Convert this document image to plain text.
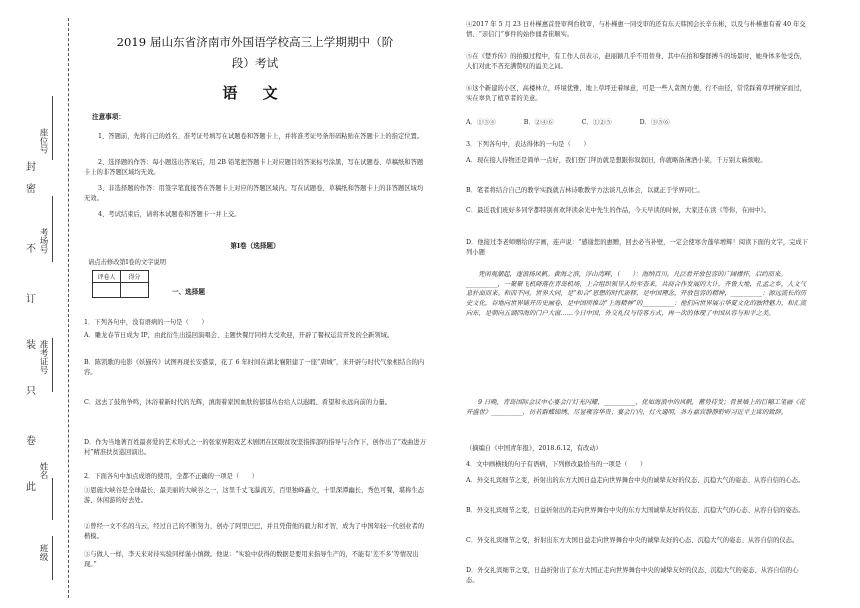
座位号
封
密
不 考场号
订
装 准考证号
只
卷
此
姓名
班级
2019 届山东省济南市外国语学校高三上学期期中（阶
段）考试
语 文
注意事项：

1、答题前，先将自己的姓名、准考证号填写在试题卷和答题卡上，并将准考证号条形码粘贴在答题卡上的指定位置。

2、选择题的作答：每小题选出答案后，用 2B 铅笔把答题卡上对应题目的答案标号涂黑，写在试题卷、草稿纸和答题卡上的非答题区域均无效。

3、非选择题的作答：用签字笔直接答在答题卡上对应的答题区域内。写在试题卷、草稿纸和答题卡上的非答题区域均无效。

4、考试结束后，请将本试题卷和答题卡一并上交。

第Ⅰ卷（选择题）

请点击修改第I卷的文字说明

评卷人	得分

一、选择题

1．下列各句中，没有语病的一句是（　　）

A．雕龙春节日成为 IP，由此衍生出巡回演唱会、主题快餐厅同样大受欢迎，开辟了餐权运营开发的全新领域。

B．陈凯歌的电影《妖猫传》试图再现长安盛景，花了 6 年时间在湖北襄阳建了一座“唐城”，来开辟与时代气象相结合的内容。

C．远去了鼓角争鸣，沐浴着新时代的光辉，滇南着家国血肤的郁郁丛台给人以遐暇、肴望和永远向前的力量。

D．作为当地著百姓最喜爱的艺术形式之一的张家界阳戏艺术剧团在区眼贫攻坚指挥部的指导与合作下，创作出了“戏曲进万村”精准扶贫巡回演出。

2．下面各句中加点成语的使用，全都不正确的一项是（　　）

①恩施大峡谷是全球最长、最美丽的大峡谷之一，这里千丈飞瀑流芳，百里独峰矗立，十里深潭幽长，秀色可餐，堪称生态游、休闲游的好去处。

②曾经一文不名的马云，经过自己的不断努力，创办了阿里巴巴，并且凭借他的毅力和才智，成为了中国年轻一代创业者的楷模。

③与做人一样，李天来对待实验同样谨小慎微。他说：“实验中获得的数据是要用来指导生产的，不能有‘差不多’等情况出现。”

④2017 年 5 月 23 日朴槿惠首登审判台收审，与朴槿惠一同受审的还有东天韩国会长辛东彬，以及与朴槿惠有着 40 年交情、“亲信门”事件的始作俑者崔顺实。

⑤在《楚乔传》的拍摄过程中，有工作人员表示，赵丽颖几乎不用替身，其中在拍和黎群搏斗的场景时，她身体多处受伤，人们对此不吝充满赞叹的溢美之词。

⑥这个新建的小区，高楼林立，环境优雅，地上草坪迁着绿意，可是一些人贪图方便，行不由径，常常踩着草坪横穿而过，实在辜负了植草者的美意。

A．①③④	B．②④⑥	C．①②⑤	D．③⑤⑥

3．下列各句中，表达得体的一句是（　　）

A．现在接人待物还是简单一点好，我们登门拜访就是想跟你叙叙旧，你就略备薄酒小菜，千万别太麻烦啦。

B．笔者将结合自己的教学实践就吉林诗歌教学方法谈几点体会，以就正于学界同仁。

C．最近我们班好多同学都特别喜欢拜读余光中先生的作品，今天早读的时候，大家还在读《等你，在雨中》。

D．他接过李老师赠给的字画，连声说：“感谢您的惠赠，回去必当补壁，一定会使寒舍蓬荜增辉！阅读下面的文字，完成下列小题

凭闲观潮起，逐浪扬风帆。黄海之滨，浮山湾畔，（　　）：海纳百川，凡泛看开放包容的广阔襟怀，启约而来。__________，一聚聚飞机降落在青岛机场，上合组织领导人纷至沓来，共商合作发展的大计，齐鲁大地，孔孟之乡，人文气息扑面而来。和而不同，世界大同，是“和合”思想的时代新释，是中国理念，开放包容的精神，__________：源远流长的历史文化，谷地向世界铺开历史画卷，是中国所推动“上海精神”的__________：他们向世界展示华夏文化的独特魅力，和汇流向东，是朝向五湖四海的门户大窗……今日中国，外交礼仪与待客方式，再一次的体现了中国从容与和平之美。

9 日晚，青岛国际会议中心宴会厅灯光闪耀，__________，优如海浪中的风帆，蓄势待发；骨景墙上的巨幅工笔画《花开盛世》__________，彷若群蝶锦绣、尽显雍容华贵；宴会厅内，灯火通明，各方嘉宾静静聆听习近平主席的致辞。

（摘编自《中国青年报》，2018.6.12，有改动）

4．文中画横线的句子有语病，下列修改最恰当的一项是（　　）

A．外交礼宾细节之变，折射出的东方大国日益走向世界舞台中央的诚挚友好的仪态、沉稳大气的姿态、从容自信的心态。

B．外交礼宾细节之变，日益折射出的走向世界舞台中央的东方大国诚挚友好的仪态、沉稳大气的心态、从容自信的姿态。

C．外交礼宾细节之变，折射出东方大国日益走向世界舞台中央的诚挚友好的心态、沉稳大气的姿态、从容自信的仪态。

D．外交礼宾细节之变，日益折射出了东方大国正走向世界舞台中央的诚挚友好的仪态、沉稳大气的姿态、从容自信的心态。
